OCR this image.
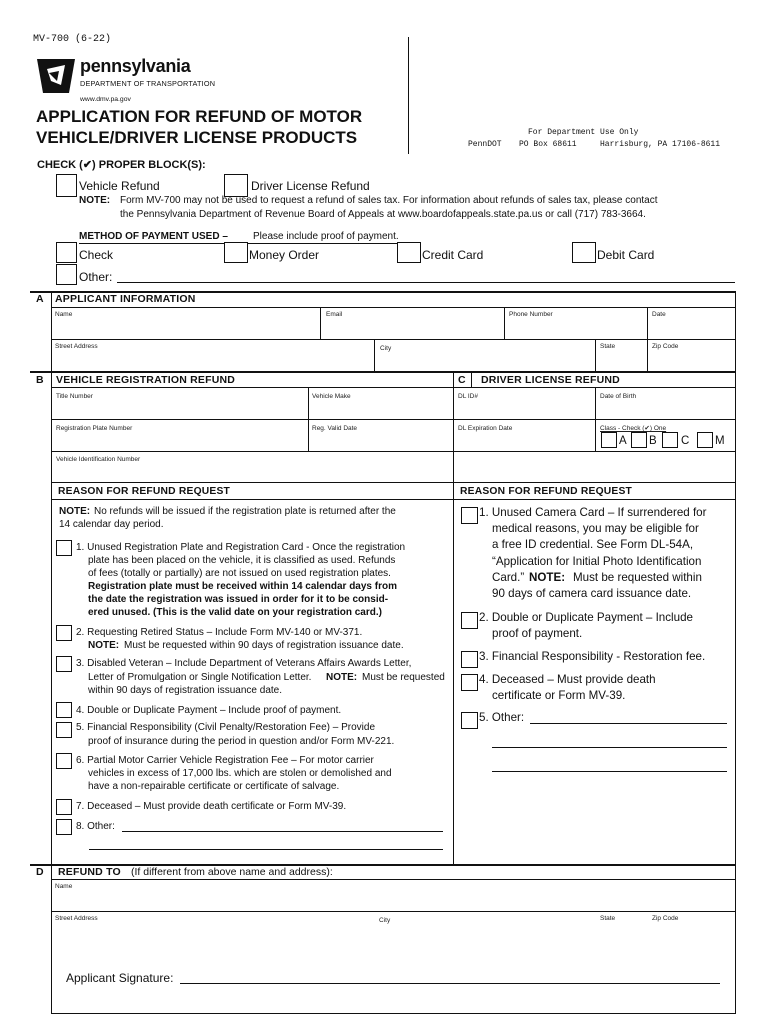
MV-700 (6-22)
pennsylvania
DEPARTMENT OF TRANSPORTATION
www.dmv.pa.gov
APPLICATION FOR REFUND OF MOTOR
VEHICLE/DRIVER LICENSE PRODUCTS	For Department Use Only
PennDOT PO Box 68611	Harrisburg, PA 17106-8611
CHECK (✔) PROPER BLOCK(S):
Vehicle Refund	Driver License Refund
NOTE: Form MV-700 may not be used to request a refund of sales tax. For information about refunds of sales tax, please contact
the Pennsylvania Department of Revenue Board of Appeals at www.boardofappeals.state.pa.us or call (717) 783-3664.
METHOD OF PAYMENT USED –	Please include proof of payment.
Check	Money Order	Credit Card	Debit Card
Other:
A APPLICANT INFORMATION
Name	Email	Phone Number	Date
Street Address	City	State	Zip Code
B VEHICLE REGISTRATION REFUND	C DRIVER LICENSE REFUND
Title Number	Vehicle Make	DL ID#	Date of Birth
Registration Plate Number	Reg. Valid Date	DL Expiration Date	Class - Check (✔) One
A B C M
Vehicle Identification Number
REASON FOR REFUND REQUEST	REASON FOR REFUND REQUEST
NOTE: No refunds will be issued if the registration plate is returned after the
14 calendar day period.
1. Unused Registration Plate and Registration Card - Once the registration
plate has been placed on the vehicle, it is classified as used. Refunds
of fees (totally or partially) are not issued on used registration plates.
Registration plate must be received within 14 calendar days from
the date the registration was issued in order for it to be consid-
ered unused. (This is the valid date on your registration card.)
2. Requesting Retired Status – Include Form MV-140 or MV-371.
NOTE: Must be requested within 90 days of registration issuance date.
3. Disabled Veteran – Include Department of Veterans Affairs Awards Letter,
Letter of Promulgation or Single Notification Letter. NOTE: Must be requested
within 90 days of registration issuance date.
4. Double or Duplicate Payment – Include proof of payment.
5. Financial Responsibility (Civil Penalty/Restoration Fee) – Provide
proof of insurance during the period in question and/or Form MV-221.
6. Partial Motor Carrier Vehicle Registration Fee – For motor carrier
vehicles in excess of 17,000 lbs. which are stolen or demolished and
have a non-repairable certificate or certificate of salvage.
7. Deceased – Must provide death certificate or Form MV-39.
8. Other:
1. Unused Camera Card – If surrendered for
medical reasons, you may be eligible for
a free ID credential. See Form DL-54A,
“Application for Initial Photo Identification
Card.” NOTE: Must be requested within
90 days of camera card issuance date.
2. Double or Duplicate Payment – Include
proof of payment.
3. Financial Responsibility - Restoration fee.
4. Deceased – Must provide death
certificate or Form MV-39.
5. Other:
D REFUND TO (If different from above name and address):
Name
Street Address	City	State	Zip Code
Applicant Signature:
